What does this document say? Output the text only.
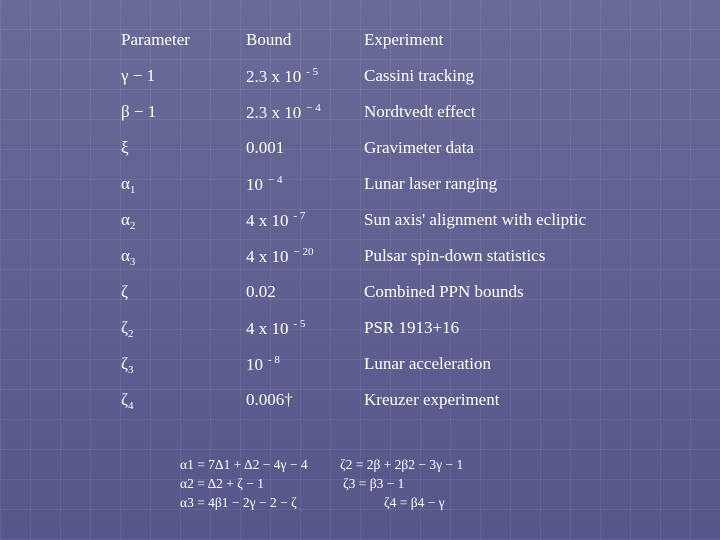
Parameter	Bound	Experiment
γ − 1	2.3 x 10 $^{- 5}$	Cassini tracking
β − 1	2.3 x 10 $^{- 4}$	Nordtvedt effect
ξ	0.001	Gravimeter data
$\alpha_1$	10 $^{- 4}$	Lunar laser ranging
$\alpha_2$	4 x 10 $^{- 7}$	Sun axis' alignment with ecliptic
$\alpha_3$	4 x 10 $^{- 20}$	Pulsar spin-down statistics
ζ	0.02	Combined PPN bounds
$\zeta_2$	4 x 10 $^{- 5}$	PSR 1913+16
$\zeta_3$	10 $^{- 8}$	Lunar acceleration
$\zeta_4$	0.006†	Kreuzer experiment
α1 = 7Δ1 + Δ2 − 4γ − 4
α2 = Δ2 + ζ − 1
α3 = 4β1 − 2γ − 2 − ζ
ζ2 = 2β + 2β2 − 3γ − 1
ζ3 = β3 − 1
ζ4 = β4 − γ
